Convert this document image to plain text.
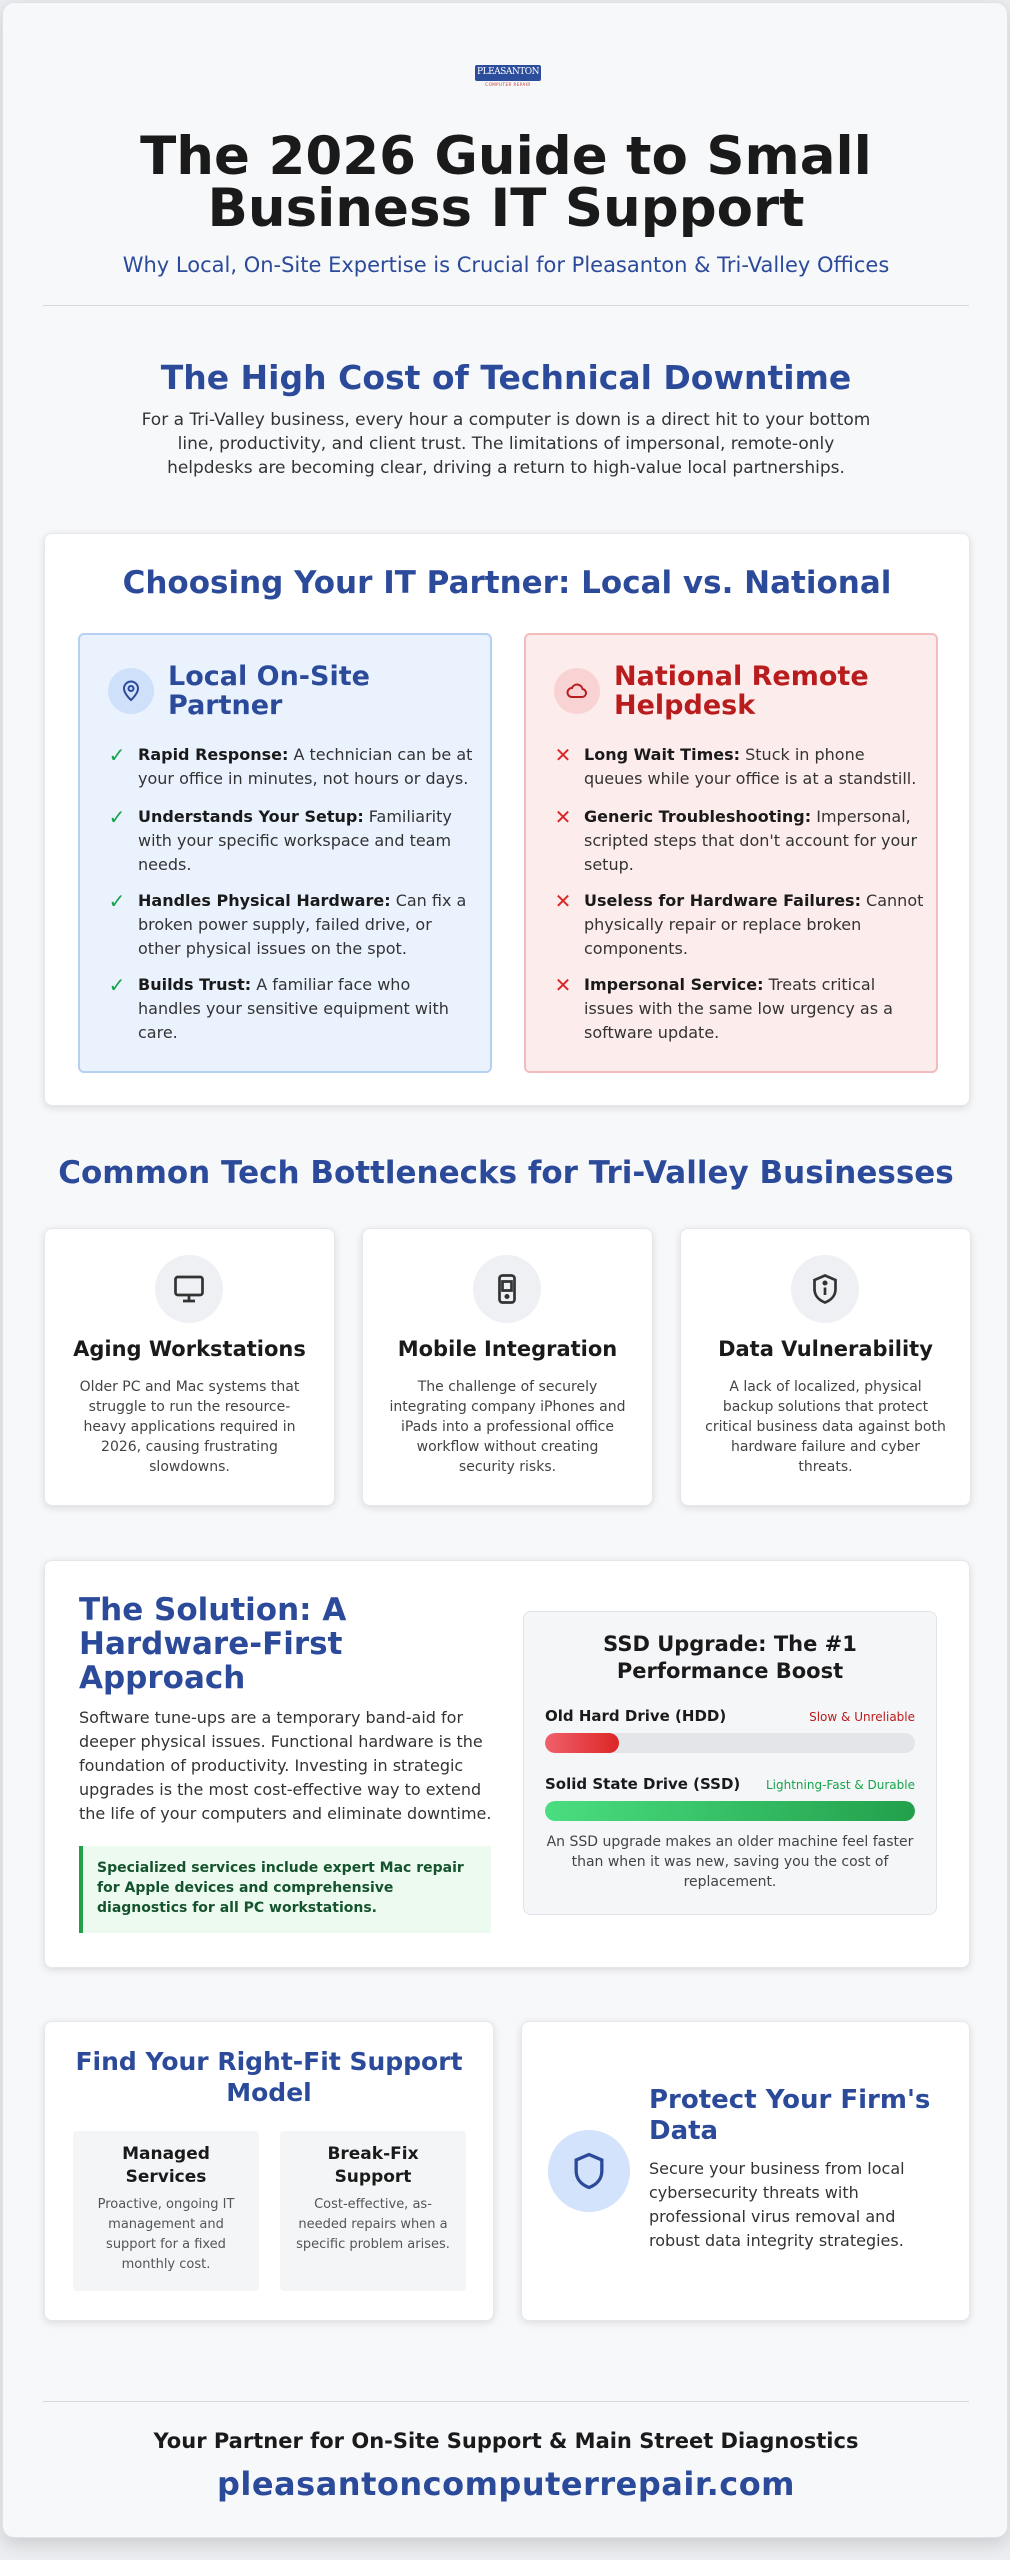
PLEASANTON
COMPUTER REPAIR
The 2026 Guide to Small Business IT Support
Why Local, On-Site Expertise is Crucial for Pleasanton & Tri-Valley Offices
The High Cost of Technical Downtime
For a Tri-Valley business, every hour a computer is down is a direct hit to your bottom line, productivity, and client trust. The limitations of impersonal, remote-only helpdesks are becoming clear, driving a return to high-value local partnerships.
Choosing Your IT Partner: Local vs. National
Local On-Site Partner
✓ Rapid Response: A technician can be at your office in minutes, not hours or days.
✓ Understands Your Setup: Familiarity with your specific workspace and team needs.
✓ Handles Physical Hardware: Can fix a broken power supply, failed drive, or other physical issues on the spot.
✓ Builds Trust: A familiar face who handles your sensitive equipment with care.
National Remote Helpdesk
✕ Long Wait Times: Stuck in phone queues while your office is at a standstill.
✕ Generic Troubleshooting: Impersonal, scripted steps that don't account for your setup.
✕ Useless for Hardware Failures: Cannot physically repair or replace broken components.
✕ Impersonal Service: Treats critical issues with the same low urgency as a software update.
Common Tech Bottlenecks for Tri-Valley Businesses
Aging Workstations
Older PC and Mac systems that struggle to run the resource-heavy applications required in 2026, causing frustrating slowdowns.
Mobile Integration
The challenge of securely integrating company iPhones and iPads into a professional office workflow without creating security risks.
Data Vulnerability
A lack of localized, physical backup solutions that protect critical business data against both hardware failure and cyber threats.
The Solution: A Hardware-First Approach
Software tune-ups are a temporary band-aid for deeper physical issues. Functional hardware is the foundation of productivity. Investing in strategic upgrades is the most cost-effective way to extend the life of your computers and eliminate downtime.
Specialized services include expert Mac repair for Apple devices and comprehensive diagnostics for all PC workstations.
SSD Upgrade: The #1 Performance Boost
Old Hard Drive (HDD)	Slow & Unreliable
Solid State Drive (SSD)	Lightning-Fast & Durable
An SSD upgrade makes an older machine feel faster than when it was new, saving you the cost of replacement.
Find Your Right-Fit Support Model
Managed Services
Proactive, ongoing IT management and support for a fixed monthly cost.
Break-Fix Support
Cost-effective, as-needed repairs when a specific problem arises.
Protect Your Firm's Data
Secure your business from local cybersecurity threats with professional virus removal and robust data integrity strategies.
Your Partner for On-Site Support & Main Street Diagnostics
pleasantoncomputerrepair.com
